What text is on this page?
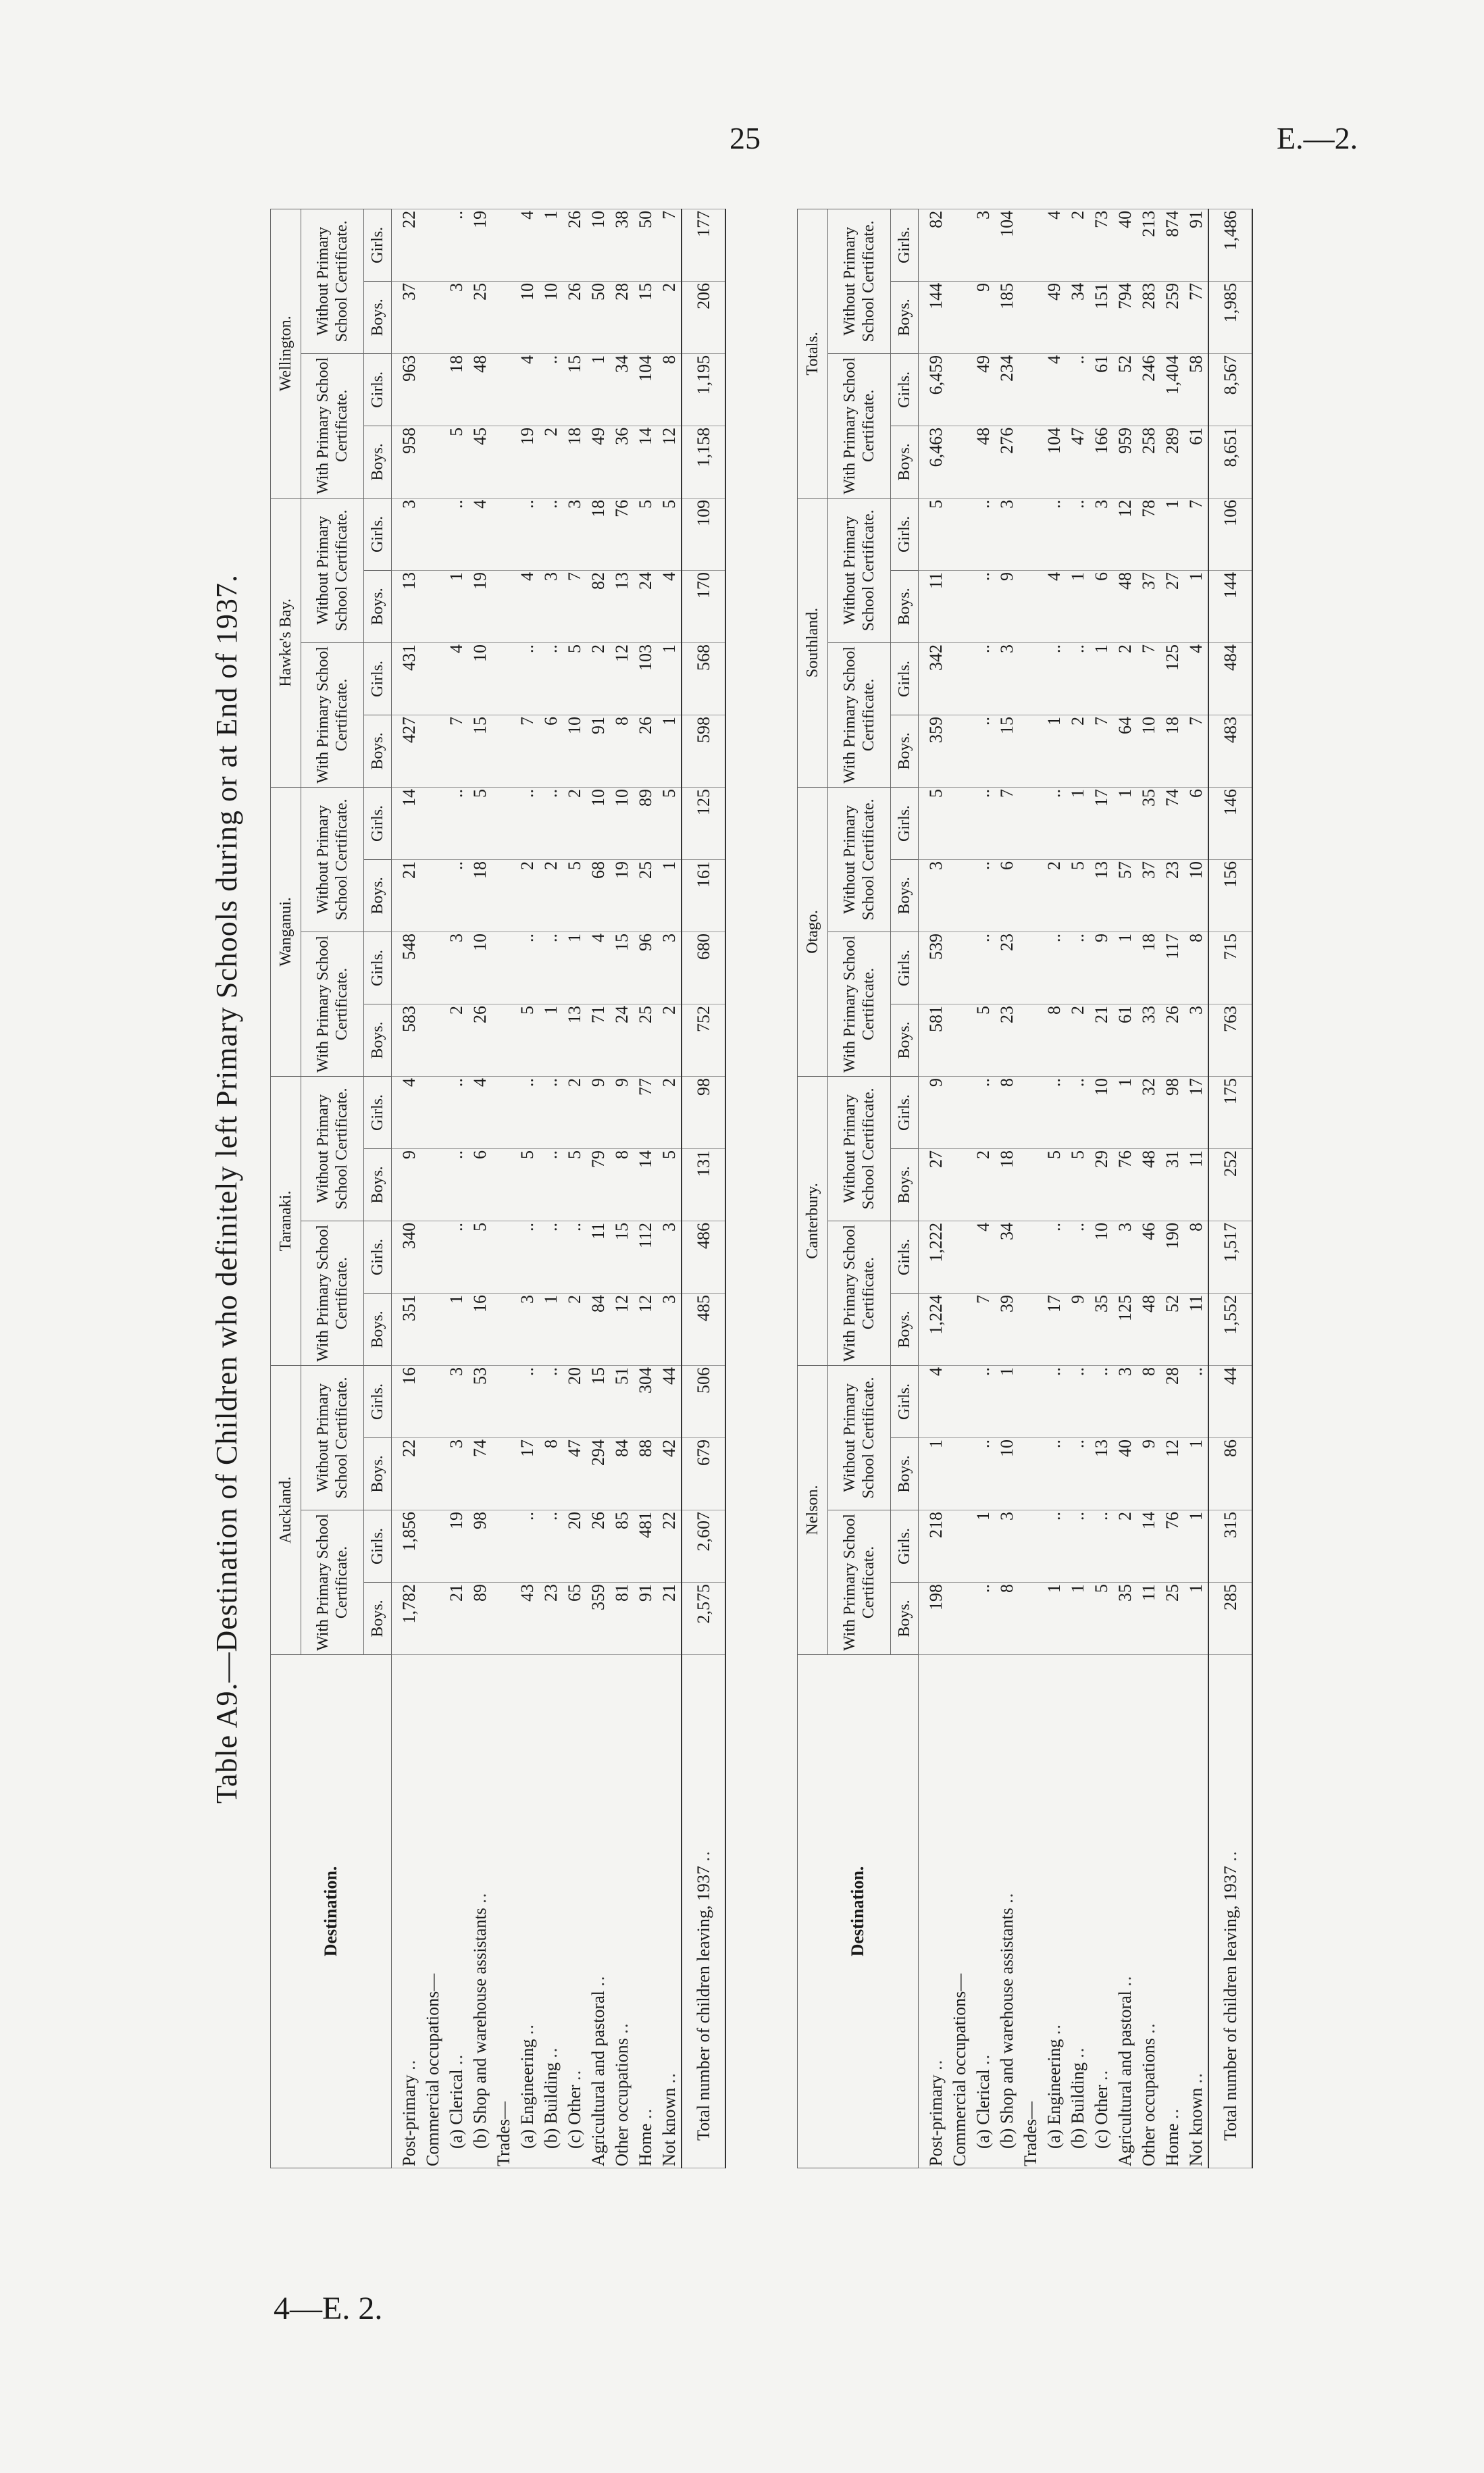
25	E.—2.
4—E. 2.
Table A9.—Destination of Children who definitely left Primary Schools during or at End of 1937.
Destination.	Auckland.				Taranaki.				Wanganui.				Hawke's Bay.				Wellington.			
	With Primary School Certificate.		Without Primary School Certificate.		With Primary School Certificate.		Without Primary School Certificate.		With Primary School Certificate.		Without Primary School Certificate.		With Primary School Certificate.		Without Primary School Certificate.		With Primary School Certificate.		Without Primary School Certificate.	
	Boys.	Girls.	Boys.	Girls.	Boys.	Girls.	Boys.	Girls.	Boys.	Girls.	Boys.	Girls.	Boys.	Girls.	Boys.	Girls.	Boys.	Girls.	Boys.	Girls.
Post-primary ..	1,782	1,856	22	16	351	340	9	4	583	548	21	14	427	431	13	3	958	963	37	22
Commercial occupations—																				
(a) Clerical ..	21	19	3	3	1	..	..	..	2	3	..	..	7	4	1	..	5	18	3	..
(b) Shop and warehouse assistants ..	89	98	74	53	16	5	6	4	26	10	18	5	15	10	19	4	45	48	25	19
Trades—																				
(a) Engineering ..	43	..	17	..	3	..	5	..	5	..	2	..	7	..	4	..	19	4	10	4
(b) Building ..	23	..	8	..	1	..	..	..	1	..	2	..	6	..	3	..	2	..	10	1
(c) Other ..	65	20	47	20	2	..	5	2	13	1	5	2	10	5	7	3	18	15	26	26
Agricultural and pastoral ..	359	26	294	15	84	11	79	9	71	4	68	10	91	2	82	18	49	1	50	10
Other occupations ..	81	85	84	51	12	15	8	9	24	15	19	10	8	12	13	76	36	34	28	38
Home ..	91	481	88	304	12	112	14	77	25	96	25	89	26	103	24	5	14	104	15	50
Not known ..	21	22	42	44	3	3	5	2	2	3	1	5	1	1	4	5	12	8	2	7
Total number of children leaving, 1937 ..	2,575	2,607	679	506	485	486	131	98	752	680	161	125	598	568	170	109	1,158	1,195	206	177
Destination.	Nelson.				Canterbury.				Otago.				Southland.				Totals.			
	With Primary School Certificate.		Without Primary School Certificate.		With Primary School Certificate.		Without Primary School Certificate.		With Primary School Certificate.		Without Primary School Certificate.		With Primary School Certificate.		Without Primary School Certificate.		With Primary School Certificate.		Without Primary School Certificate.	
	Boys.	Girls.	Boys.	Girls.	Boys.	Girls.	Boys.	Girls.	Boys.	Girls.	Boys.	Girls.	Boys.	Girls.	Boys.	Girls.	Boys.	Girls.	Boys.	Girls.
Post-primary ..	198	218	1	4	1,224	1,222	27	9	581	539	3	5	359	342	11	5	6,463	6,459	144	82
Commercial occupations—																				
(a) Clerical ..	..	1	..	..	7	4	2	..	5	..	..	..	..	..	..	..	48	49	9	3
(b) Shop and warehouse assistants ..	8	3	10	1	39	34	18	8	23	23	6	7	15	3	9	3	276	234	185	104
Trades—																				
(a) Engineering ..	1	..	..	..	17	..	5	..	8	..	2	..	1	..	4	..	104	4	49	4
(b) Building ..	1	..	..	..	9	..	5	..	2	..	5	1	2	..	1	..	47	..	34	2
(c) Other ..	5	..	13	..	35	10	29	10	21	9	13	17	7	1	6	3	166	61	151	73
Agricultural and pastoral ..	35	2	40	3	125	3	76	1	61	1	57	1	64	2	48	12	959	52	794	40
Other occupations ..	11	14	9	8	48	46	48	32	33	18	37	35	10	7	37	78	258	246	283	213
Home ..	25	76	12	28	52	190	31	98	26	117	23	74	18	125	27	1	289	1,404	259	874
Not known ..	1	1	1	..	11	8	11	17	3	8	10	6	7	4	1	7	61	58	77	91
Total number of children leaving, 1937 ..	285	315	86	44	1,552	1,517	252	175	763	715	156	146	483	484	144	106	8,651	8,567	1,985	1,486
